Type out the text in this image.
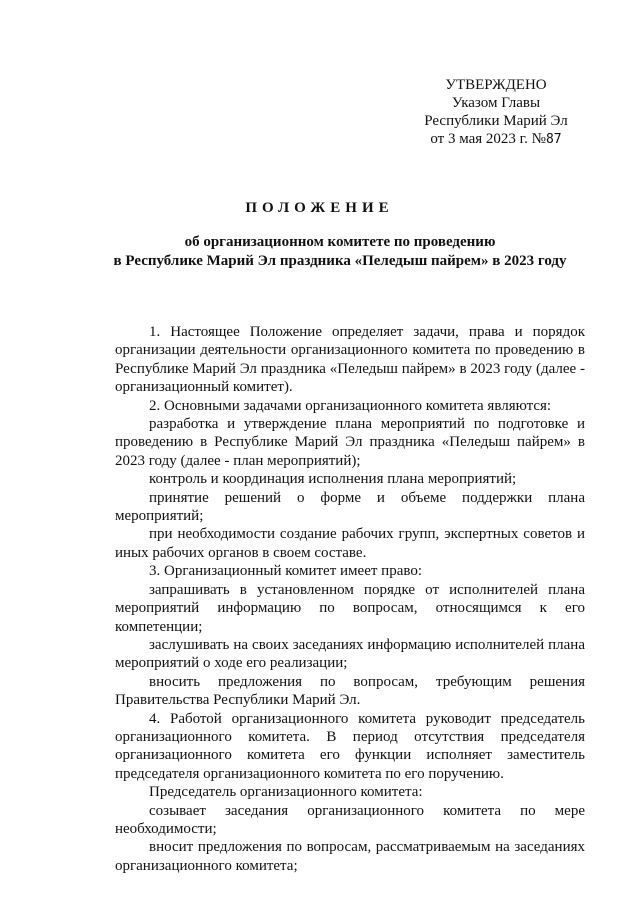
УТВЕРЖДЕНО
Указом Главы
Республики Марий Эл
от 3 мая 2023 г. №87
ПОЛОЖЕНИЕ
об организационном комитете по проведению
в Республике Марий Эл праздника «Пеледыш пайрем» в 2023 году

1. Настоящее Положение определяет задачи, права и порядок организации деятельности организационного комитета по проведению в Республике Марий Эл праздника «Пеледыш пайрем» в 2023 году (далее - организационный комитет).

2. Основными задачами организационного комитета являются:

разработка и утверждение плана мероприятий по подготовке и проведению в Республике Марий Эл праздника «Пеледыш пайрем» в 2023 году (далее - план мероприятий);

контроль и координация исполнения плана мероприятий;

принятие решений о форме и объеме поддержки плана мероприятий;

при необходимости создание рабочих групп, экспертных советов и иных рабочих органов в своем составе.

3. Организационный комитет имеет право:

запрашивать в установленном порядке от исполнителей плана мероприятий информацию по вопросам, относящимся к его компетенции;

заслушивать на своих заседаниях информацию исполнителей плана мероприятий о ходе его реализации;

вносить предложения по вопросам, требующим решения Правительства Республики Марий Эл.

4. Работой организационного комитета руководит председатель организационного комитета. В период отсутствия председателя организационного комитета его функции исполняет заместитель председателя организационного комитета по его поручению.

Председатель организационного комитета:

созывает заседания организационного комитета по мере необходимости;

вносит предложения по вопросам, рассматриваемым на заседаниях организационного комитета;
